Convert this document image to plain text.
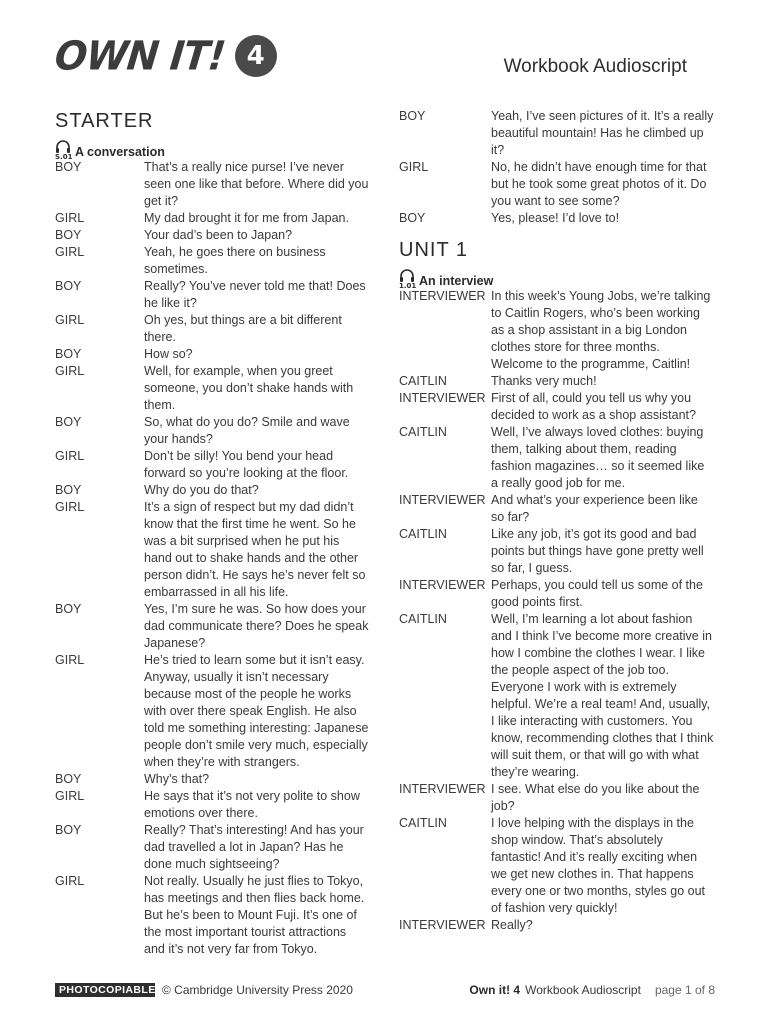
OWN IT! 4	Workbook Audioscript
STARTER
S.01 A conversation
BOY	That’s a really nice purse! I’ve never seen one like that before. Where did you get it?
GIRL	My dad brought it for me from Japan.
BOY	Your dad’s been to Japan?
GIRL	Yeah, he goes there on business sometimes.
BOY	Really? You’ve never told me that! Does he like it?
GIRL	Oh yes, but things are a bit different there.
BOY	How so?
GIRL	Well, for example, when you greet someone, you don’t shake hands with them.
BOY	So, what do you do? Smile and wave your hands?
GIRL	Don’t be silly! You bend your head forward so you’re looking at the floor.
BOY	Why do you do that?
GIRL	It’s a sign of respect but my dad didn’t know that the first time he went. So he was a bit surprised when he put his hand out to shake hands and the other person didn’t. He says he’s never felt so embarrassed in all his life.
BOY	Yes, I’m sure he was. So how does your dad communicate there? Does he speak Japanese?
GIRL	He’s tried to learn some but it isn’t easy. Anyway, usually it isn’t necessary because most of the people he works with over there speak English. He also told me something interesting: Japanese people don’t smile very much, especially when they’re with strangers.
BOY	Why’s that?
GIRL	He says that it’s not very polite to show emotions over there.
BOY	Really? That’s interesting! And has your dad travelled a lot in Japan? Has he done much sightseeing?
GIRL	Not really. Usually he just flies to Tokyo, has meetings and then flies back home. But he’s been to Mount Fuji. It’s one of the most important tourist attractions and it’s not very far from Tokyo.
BOY	Yeah, I’ve seen pictures of it. It’s a really beautiful mountain! Has he climbed up it?
GIRL	No, he didn’t have enough time for that but he took some great photos of it. Do you want to see some?
BOY	Yes, please! I’d love to!
UNIT 1
1.01 An interview
INTERVIEWER In this week’s Young Jobs, we’re talking to Caitlin Rogers, who’s been working as a shop assistant in a big London clothes store for three months. Welcome to the programme, Caitlin!
CAITLIN	Thanks very much!
INTERVIEWER First of all, could you tell us why you decided to work as a shop assistant?
CAITLIN	Well, I’ve always loved clothes: buying them, talking about them, reading fashion magazines… so it seemed like a really good job for me.
INTERVIEWER And what’s your experience been like so far?
CAITLIN	Like any job, it’s got its good and bad points but things have gone pretty well so far, I guess.
INTERVIEWER Perhaps, you could tell us some of the good points first.
CAITLIN	Well, I’m learning a lot about fashion and I think I’ve become more creative in how I combine the clothes I wear. I like the people aspect of the job too. Everyone I work with is extremely helpful. We’re a real team! And, usually, I like interacting with customers. You know, recommending clothes that I think will suit them, or that will go with what they’re wearing.
INTERVIEWER I see. What else do you like about the job?
CAITLIN	I love helping with the displays in the shop window. That’s absolutely fantastic! And it’s really exciting when we get new clothes in. That happens every one or two months, styles go out of fashion very quickly!
INTERVIEWER Really?
PHOTOCOPIABLE © Cambridge University Press 2020	Own it! 4 Workbook Audioscript page 1 of 8
